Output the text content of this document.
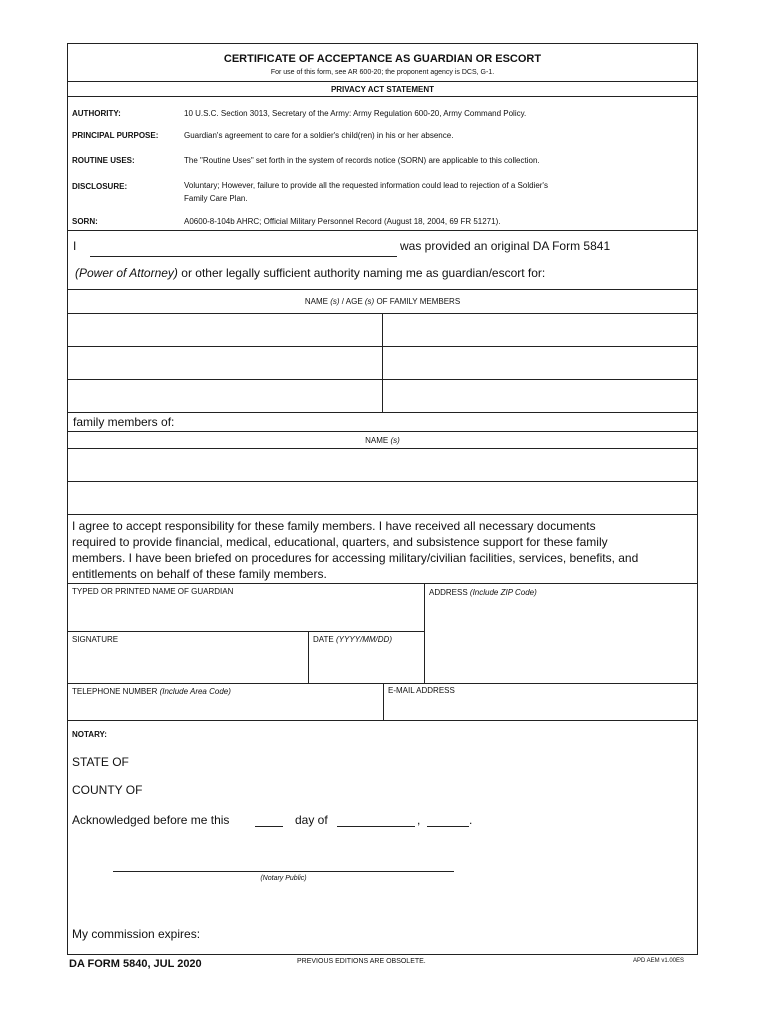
CERTIFICATE OF ACCEPTANCE AS GUARDIAN OR ESCORT
For use of this form, see AR 600-20; the proponent agency is DCS, G-1.
PRIVACY ACT STATEMENT
AUTHORITY:	10 U.S.C. Section 3013, Secretary of the Army: Army Regulation 600-20, Army Command Policy.
PRINCIPAL PURPOSE:	Guardian's agreement to care for a soldier's child(ren) in his or her absence.
ROUTINE USES:	The "Routine Uses" set forth in the system of records notice (SORN) are applicable to this collection.
DISCLOSURE:	Voluntary; However, failure to provide all the requested information could lead to rejection of a Soldier's
Family Care Plan.
SORN:	A0600-8-104b AHRC; Official Military Personnel Record (August 18, 2004, 69 FR 51271).
I	was provided an original DA Form 5841
(Power of Attorney) or other legally sufficient authority naming me as guardian/escort for:
NAME (s) / AGE (s) OF FAMILY MEMBERS
family members of:
NAME (s)
I agree to accept responsibility for these family members. I have received all necessary documents
required to provide financial, medical, educational, quarters, and subsistence support for these family
members. I have been briefed on procedures for accessing military/civilian facilities, services, benefits, and
entitlements on behalf of these family members.
TYPED OR PRINTED NAME OF GUARDIAN	ADDRESS (Include ZIP Code)
SIGNATURE	DATE (YYYY/MM/DD)
TELEPHONE NUMBER (Include Area Code)	E-MAIL ADDRESS
NOTARY:
STATE OF
COUNTY OF
Acknowledged before me this	day of	,	.
(Notary Public)
My commission expires:
DA FORM 5840, JUL 2020	PREVIOUS EDITIONS ARE OBSOLETE.	APD AEM v1.00ES
